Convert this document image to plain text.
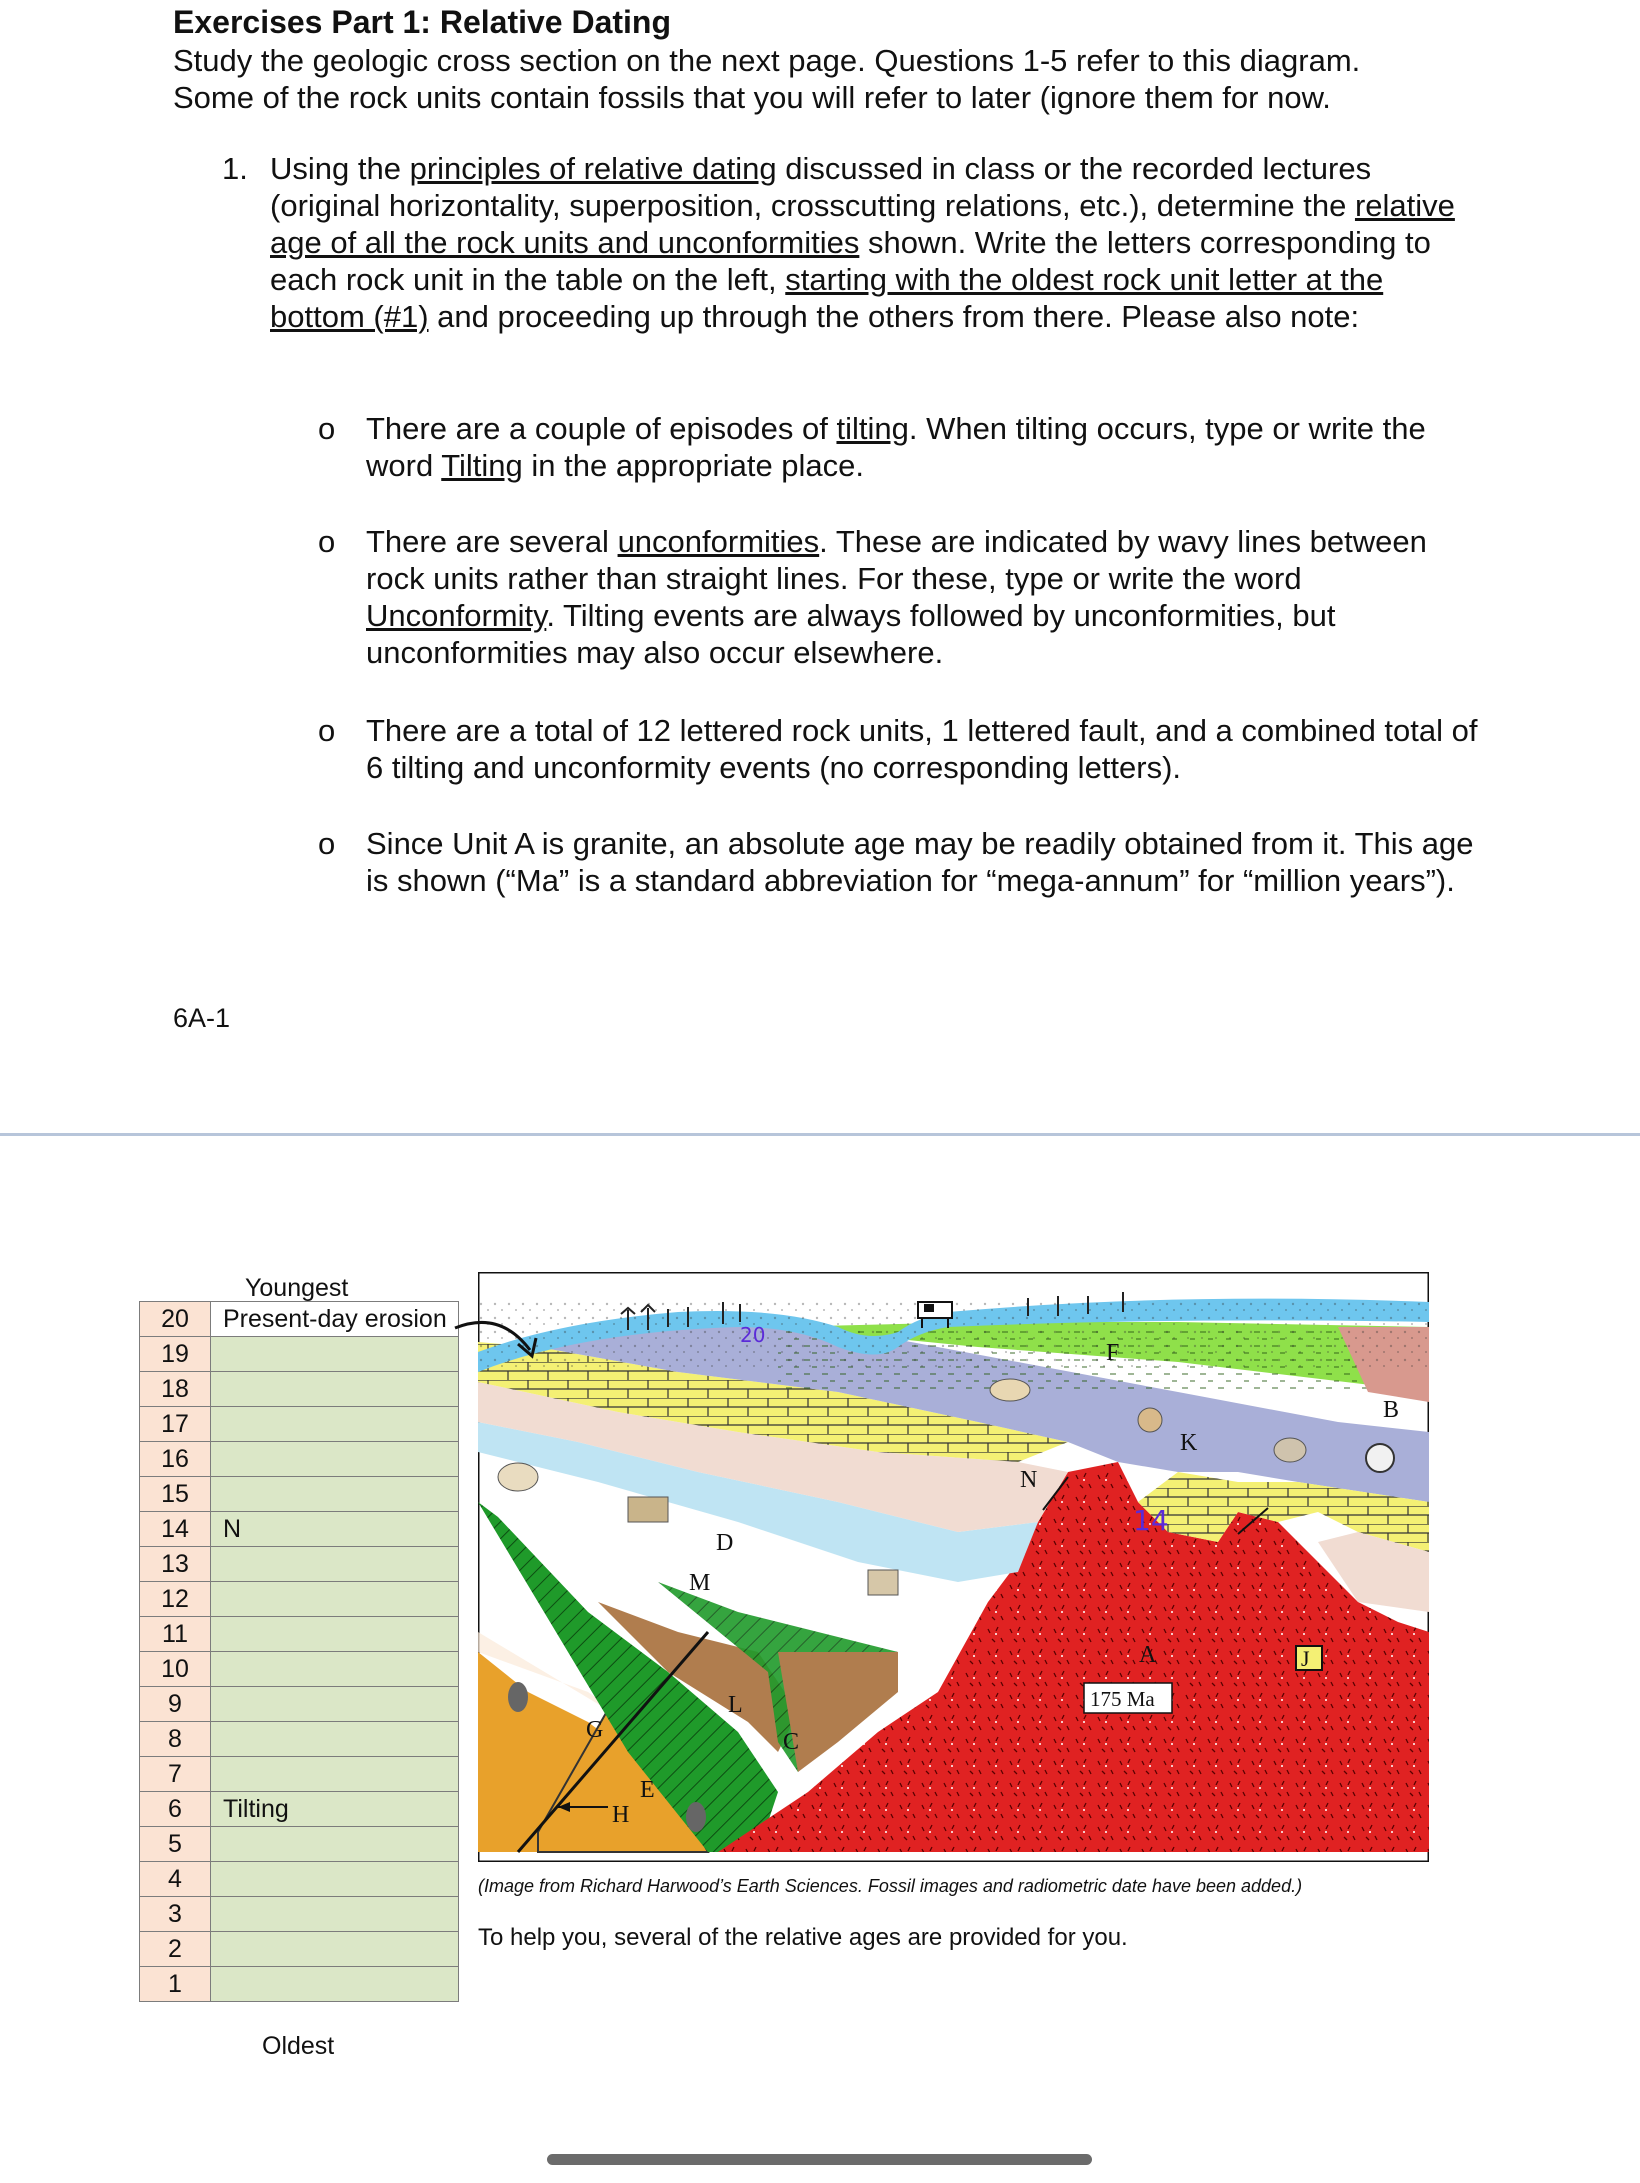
Exercises Part 1: Relative Dating
Study the geologic cross section on the next page. Questions 1-5 refer to this diagram.
Some of the rock units contain fossils that you will refer to later (ignore them for now.
1. Using the principles of relative dating discussed in class or the recorded lectures (original horizontality, superposition, crosscutting relations, etc.), determine the relative age of all the rock units and unconformities shown. Write the letters corresponding to each rock unit in the table on the left, starting with the oldest rock unit letter at the bottom (#1) and proceeding up through the others from there. Please also note:
o There are a couple of episodes of tilting. When tilting occurs, type or write the word Tilting in the appropriate place.
o There are several unconformities. These are indicated by wavy lines between rock units rather than straight lines. For these, type or write the word Unconformity. Tilting events are always followed by unconformities, but unconformities may also occur elsewhere.
o There are a total of 12 lettered rock units, 1 lettered fault, and a combined total of 6 tilting and unconformity events (no corresponding letters).
o Since Unit A is granite, an absolute age may be readily obtained from it. This age is shown (“Ma” is a standard abbreviation for “mega-annum” for “million years”).
6A-1
Youngest
20	Present-day erosion
19	
18	
17	
16	
15	
14	N
13	
12	
11	
10	
9	
8	
7	
6	Tilting
5	
4	
3	
2	
1	
Oldest
B
C
D
E
F
G
H
A
K
L
M
N
J
175 Ma
20
14
(Image from Richard Harwood’s Earth Sciences. Fossil images and radiometric date have been added.)
To help you, several of the relative ages are provided for you.
